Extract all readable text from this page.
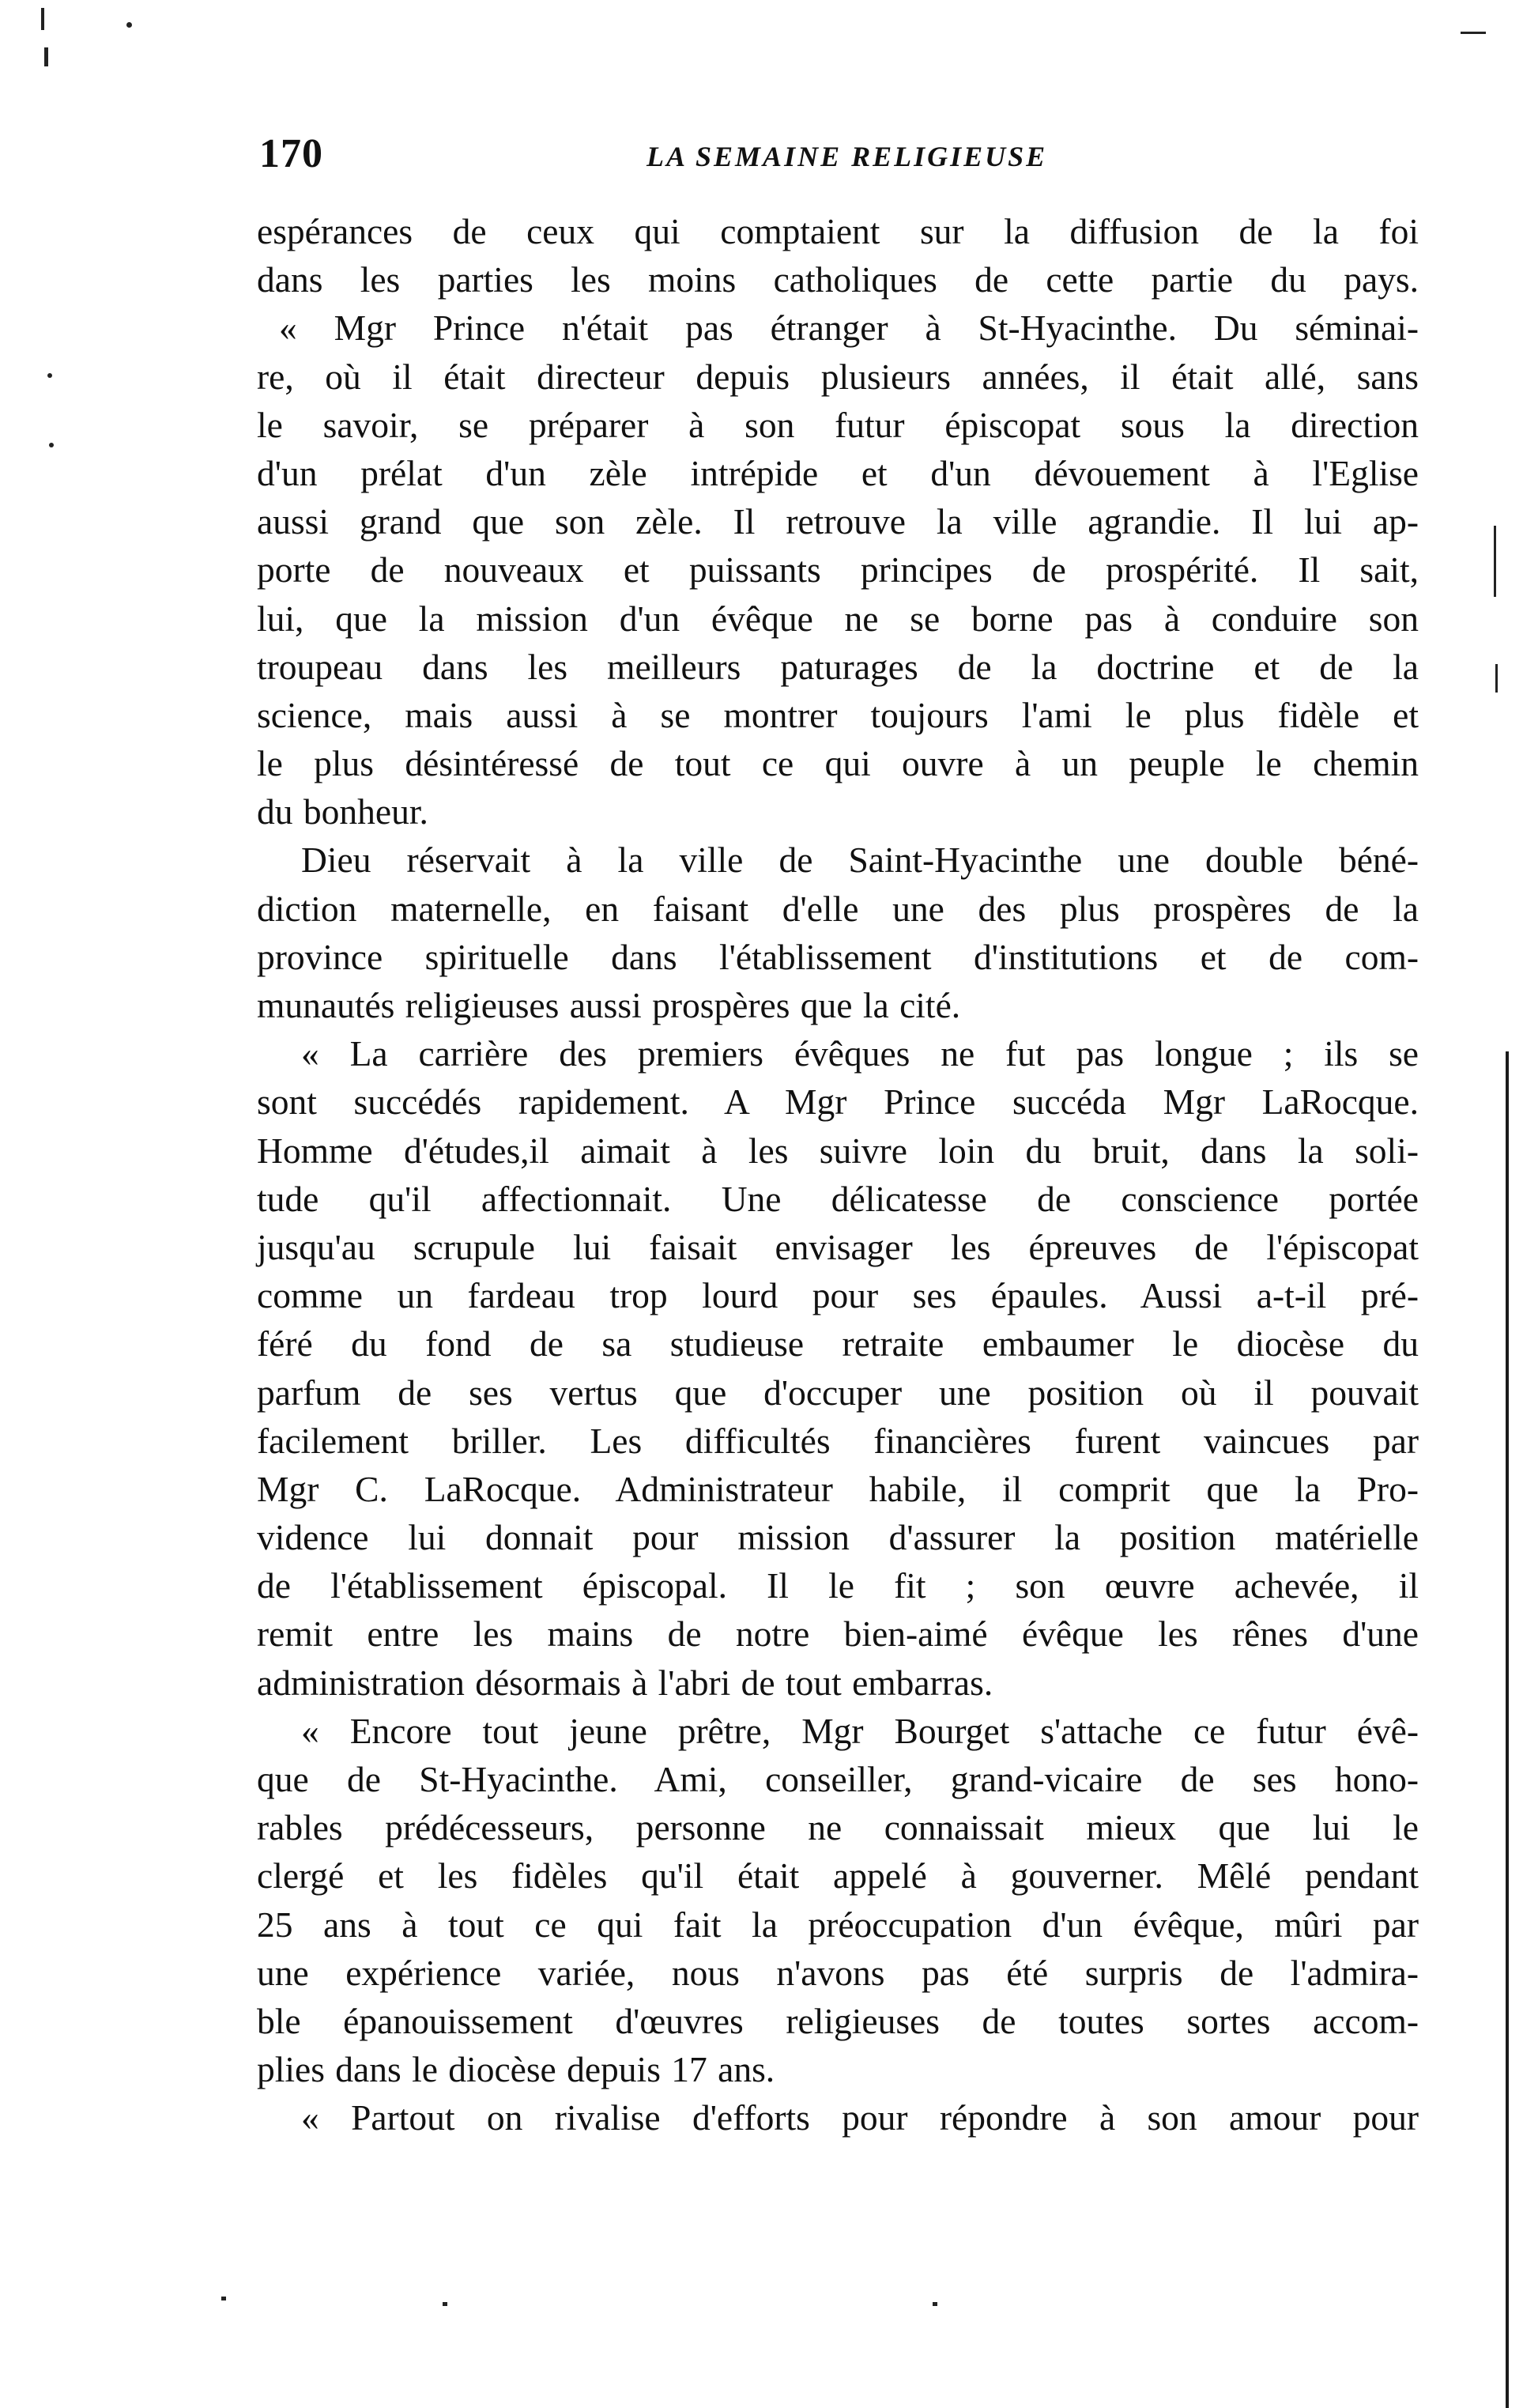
170	LA SEMAINE RELIGIEUSE
espérances de ceux qui comptaient sur la diffusion de la foi
dans les parties les moins catholiques de cette partie du pays.
« Mgr Prince n'était pas étranger à St-Hyacinthe. Du séminai-
re, où il était directeur depuis plusieurs années, il était allé, sans
le savoir, se préparer à son futur épiscopat sous la direction
d'un prélat d'un zèle intrépide et d'un dévouement à l'Eglise
aussi grand que son zèle. Il retrouve la ville agrandie. Il lui ap-
porte de nouveaux et puissants principes de prospérité. Il sait,
lui, que la mission d'un évêque ne se borne pas à conduire son
troupeau dans les meilleurs paturages de la doctrine et de la
science, mais aussi à se montrer toujours l'ami le plus fidèle et
le plus désintéressé de tout ce qui ouvre à un peuple le chemin
du bonheur.
Dieu réservait à la ville de Saint-Hyacinthe une double béné-
diction maternelle, en faisant d'elle une des plus prospères de la
province spirituelle dans l'établissement d'institutions et de com-
munautés religieuses aussi prospères que la cité.
« La carrière des premiers évêques ne fut pas longue ; ils se
sont succédés rapidement. A Mgr Prince succéda Mgr LaRocque.
Homme d'études,il aimait à les suivre loin du bruit, dans la soli-
tude qu'il affectionnait. Une délicatesse de conscience portée
jusqu'au scrupule lui faisait envisager les épreuves de l'épiscopat
comme un fardeau trop lourd pour ses épaules. Aussi a-t-il pré-
féré du fond de sa studieuse retraite embaumer le diocèse du
parfum de ses vertus que d'occuper une position où il pouvait
facilement briller. Les difficultés financières furent vaincues par
Mgr C. LaRocque. Administrateur habile, il comprit que la Pro-
vidence lui donnait pour mission d'assurer la position matérielle
de l'établissement épiscopal. Il le fit ; son œuvre achevée, il
remit entre les mains de notre bien-aimé évêque les rênes d'une
administration désormais à l'abri de tout embarras.
« Encore tout jeune prêtre, Mgr Bourget s'attache ce futur évê-
que de St-Hyacinthe. Ami, conseiller, grand-vicaire de ses hono-
rables prédécesseurs, personne ne connaissait mieux que lui le
clergé et les fidèles qu'il était appelé à gouverner. Mêlé pendant
25 ans à tout ce qui fait la préoccupation d'un évêque, mûri par
une expérience variée, nous n'avons pas été surpris de l'admira-
ble épanouissement d'œuvres religieuses de toutes sortes accom-
plies dans le diocèse depuis 17 ans.
« Partout on rivalise d'efforts pour répondre à son amour pour
